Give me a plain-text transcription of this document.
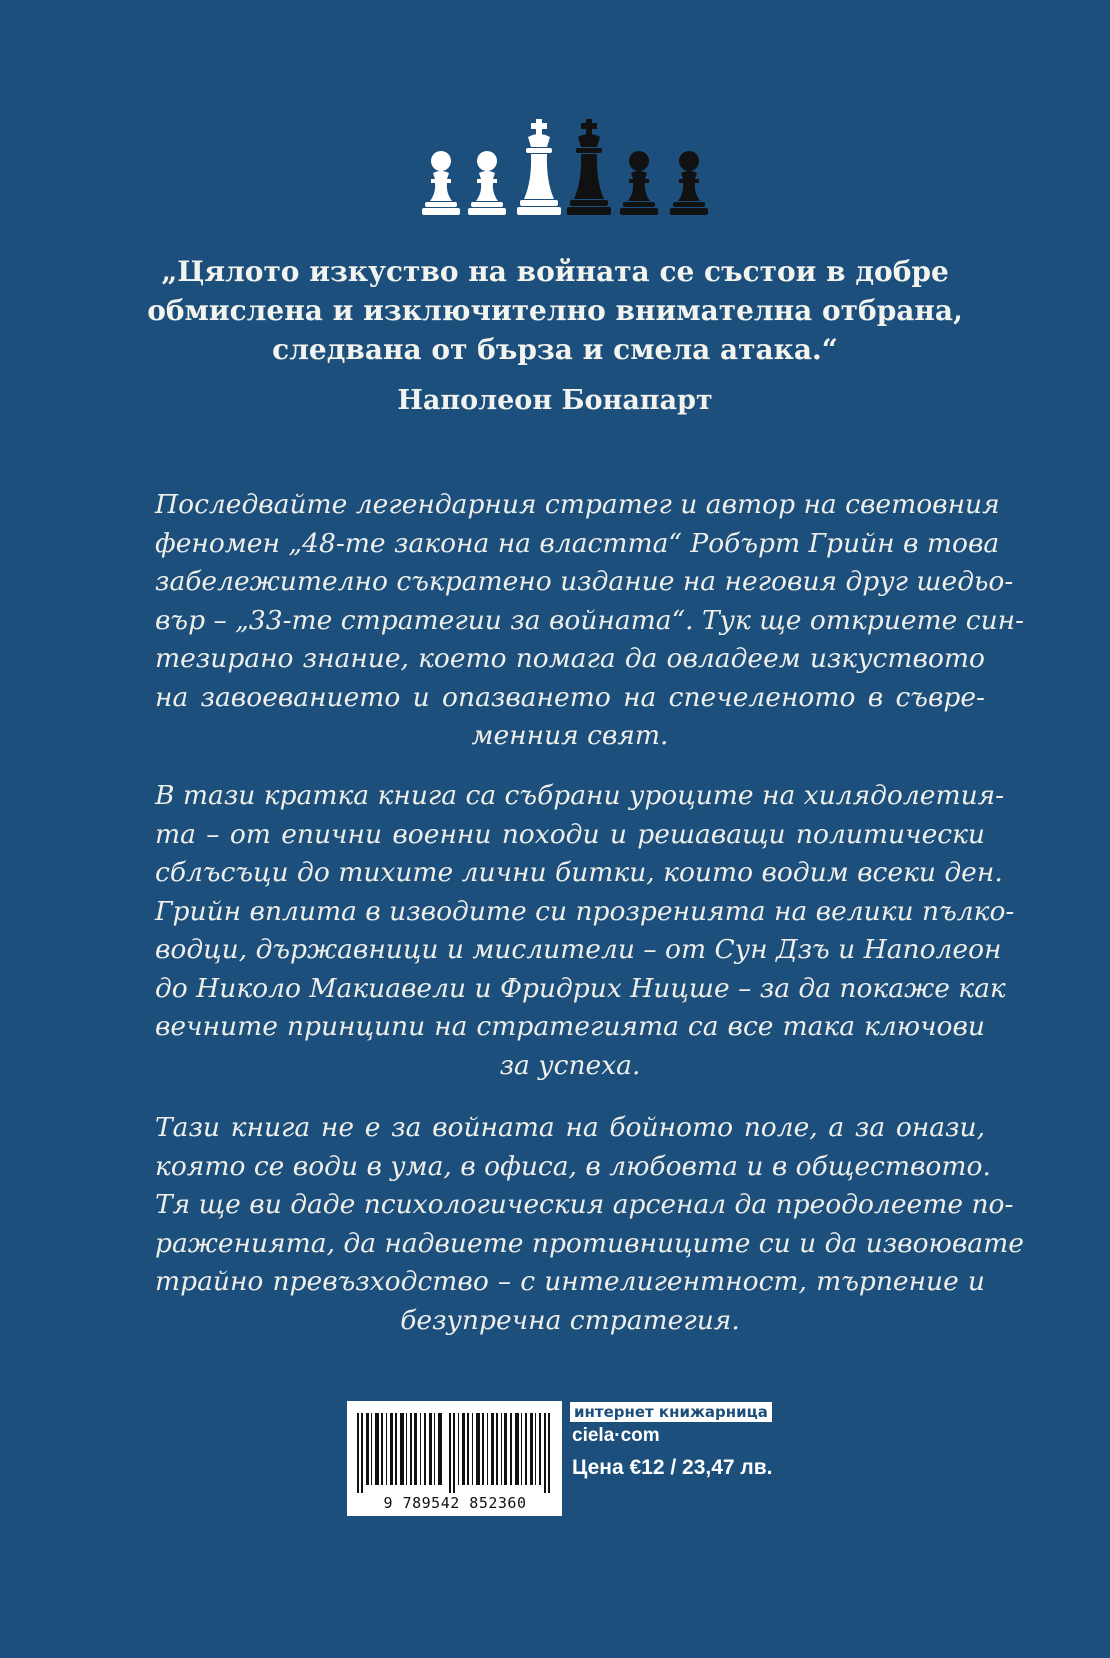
„Цялото изкуство на войната се състои в добре
обмислена и изключително внимателна отбрана,
следвана от бърза и смела атака.“
Наполеон Бонапарт
Последвайте легендарния стратег и автор на световния
феномен „48-те закона на властта“ Робърт Грийн в това
забележително съкратено издание на неговия друг шедьо-
вър – „33-те стратегии за войната“. Тук ще откриете син-
тезирано знание, което помага да овладеем изкуството
на завоеванието и опазването на спечеленото в съвре-
менния свят.
В тази кратка книга са събрани уроците на хилядолетия-
та – от епични военни походи и решаващи политически
сблъсъци до тихите лични битки, които водим всеки ден.
Грийн вплита в изводите си прозренията на велики пълко-
водци, държавници и мислители – от Сун Дзъ и Наполеон
до Николо Макиавели и Фридрих Ницше – за да покаже как
вечните принципи на стратегията са все така ключови
за успеха.
Тази книга не е за войната на бойното поле, а за онази,
която се води в ума, в офиса, в любовта и в обществото.
Тя ще ви даде психологическия арсенал да преодолеете по-
раженията, да надвиете противниците си и да извоювате
трайно превъзходство – с интелигентност, търпение и
безупречна стратегия.
9 789542 852360
интернет книжарница
ciela·com
Цена €12 / 23,47 лв.
